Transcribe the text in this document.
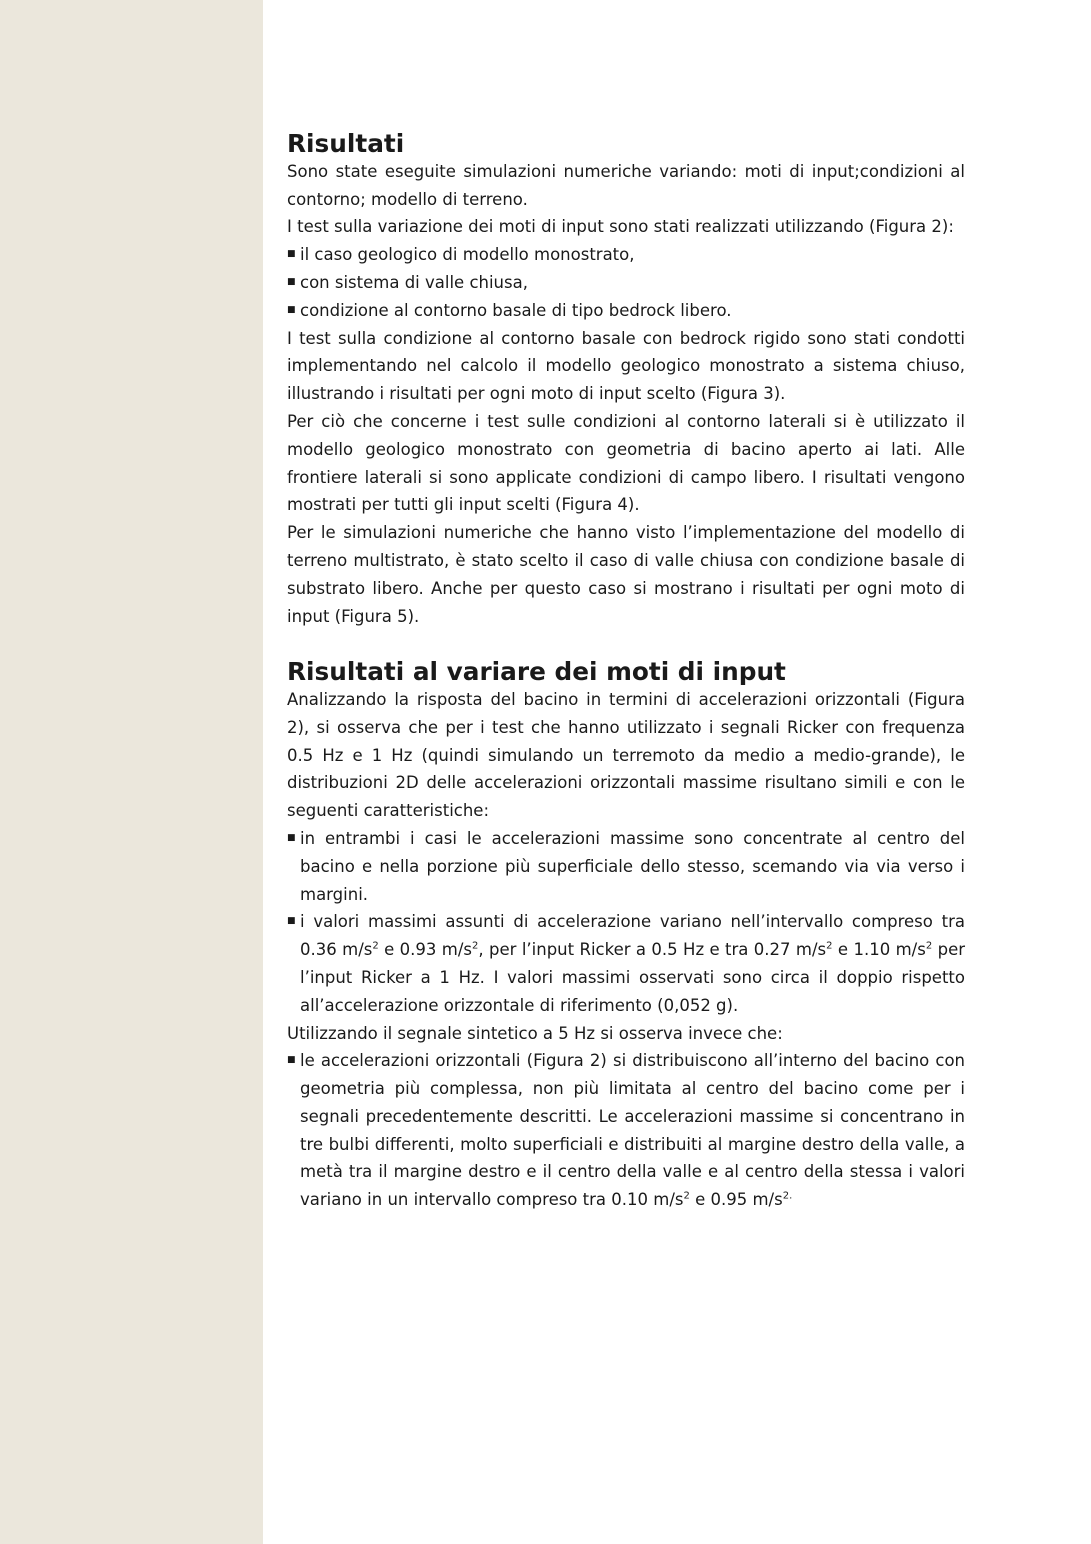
Risultati

Sono state eseguite simulazioni numeriche variando: moti di input;condizioni al contorno; modello di terreno.

I test sulla variazione dei moti di input sono stati realizzati utilizzando (Figura 2):

■ il caso geologico di modello monostrato,
■ con sistema di valle chiusa,
■ condizione al contorno basale di tipo bedrock libero.

I test sulla condizione al contorno basale con bedrock rigido sono stati condotti implementando nel calcolo il modello geologico monostrato a sistema chiuso, illustrando i risultati per ogni moto di input scelto (Figura 3).

Per ciò che concerne i test sulle condizioni al contorno laterali si è utilizzato il modello geologico monostrato con geometria di bacino aperto ai lati. Alle frontiere laterali si sono applicate condizioni di campo libero. I risultati vengono mostrati per tutti gli input scelti (Figura 4).

Per le simulazioni numeriche che hanno visto l’implementazione del modello di terreno multistrato, è stato scelto il caso di valle chiusa con condizione basale di substrato libero. Anche per questo caso si mostrano i risultati per ogni moto di input (Figura 5).

Risultati al variare dei moti di input

Analizzando la risposta del bacino in termini di accelerazioni orizzontali (Figura 2), si osserva che per i test che hanno utilizzato i segnali Ricker con frequenza 0.5 Hz e 1 Hz (quindi simulando un terremoto da medio a medio-grande), le distribuzioni 2D delle accelerazioni orizzontali massime risultano simili e con le seguenti caratteristiche:

■ in entrambi i casi le accelerazioni massime sono concentrate al centro del bacino e nella porzione più superficiale dello stesso, scemando via via verso i margini.
■ i valori massimi assunti di accelerazione variano nell’intervallo compreso tra 0.36 $m/s^2$ e 0.93 $m/s^2$, per l’input Ricker a 0.5 Hz e tra 0.27 $m/s^2$ e 1.10 $m/s^2$ per l’input Ricker a 1 Hz. I valori massimi osservati sono circa il doppio rispetto all’accelerazione orizzontale di riferimento (0,052 g).

Utilizzando il segnale sintetico a 5 Hz si osserva invece che:

■ le accelerazioni orizzontali (Figura 2) si distribuiscono all’interno del bacino con geometria più complessa, non più limitata al centro del bacino come per i segnali precedentemente descritti. Le accelerazioni massime si concentrano in tre bulbi differenti, molto superficiali e distribuiti al margine destro della valle, a metà tra il margine destro e il centro della valle e al centro della stessa i valori variano in un intervallo compreso tra 0.10 $m/s^2$ e 0.95 $m/s^{2.}$
